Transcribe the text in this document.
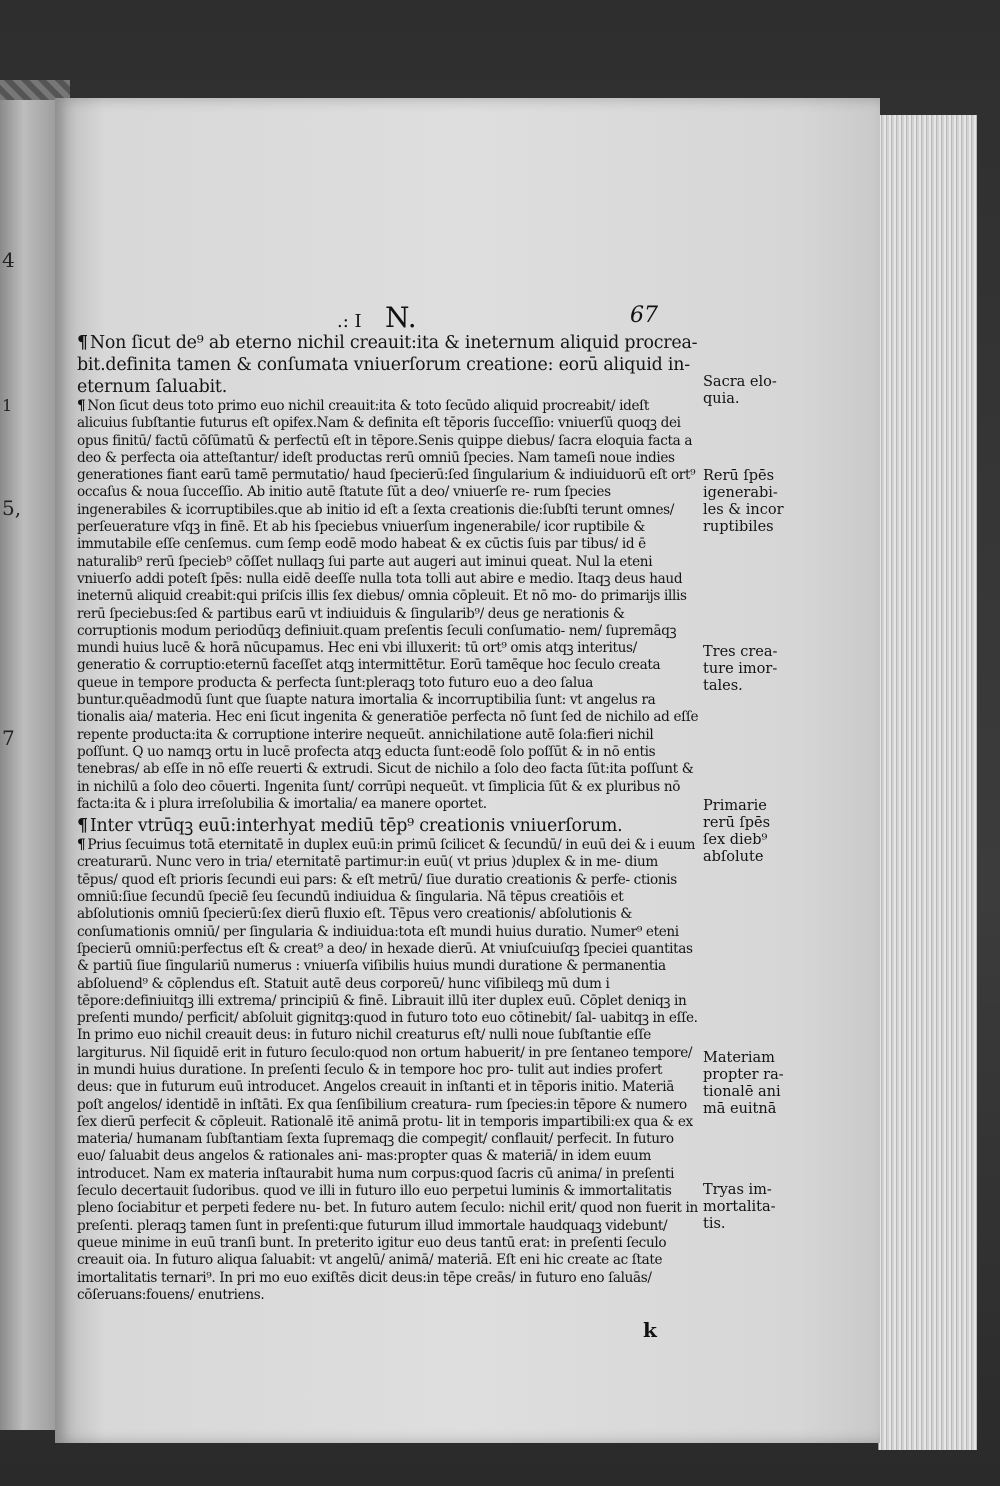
4
1
5,
7
.: I N.	67

¶ Non ſicut de⁹ ab eterno nichil creauit:ita & ineternum aliquid procrea- bit.definita tamen & conſumata vniuerſorum creatione: eorū aliquid in- eternum ſaluabit.

¶ Non ſicut deus toto primo euo nichil creauit:ita & toto ſecūdo aliquid procreabit/ ideſt alicuius ſubſtantie futurus eſt opifex.Nam & definita eſt tēporis ſucceſſio: vniuerſū quoqꝫ dei opus finitū/ factū cōſūmatū & perfectū eſt in tēpore.Senis quippe diebus/ ſacra eloquia facta a deo & perfecta oia atteſtantur/ ideſt productas rerū omniū ſpecies. Nam tameſi noue indies generationes fiant earū tamē permutatio/ haud ſpecierū:ſed ſingularium & indiuiduorū eſt ort⁹ occaſus & noua ſucceſſio. Ab initio autē ſtatute ſūt a deo/ vniuerſe re- rum ſpecies ingenerabiles & icorruptibiles.que ab initio id eſt a ſexta creationis die:ſubſti terunt omnes/ perſeuerature vſqꝫ in finē. Et ab his ſpeciebus vniuerſum ingenerabile/ icor ruptibile & immutabile eſſe cenſemus. cum ſemp eodē modo habeat & ex cūctis ſuis par tibus/ id ē naturalib⁹ rerū ſpecieb⁹ cōſſet nullaqꝫ ſui parte aut augeri aut iminui queat. Nul la eteni vniuerſo addi poteſt ſpēs: nulla eidē deeſſe nulla tota tolli aut abire e medio. Itaqꝫ deus haud ineternū aliquid creabit:qui priſcis illis ſex diebus/ omnia cōpleuit. Et nō mo- do primarijs illis rerū ſpeciebus:ſed & partibus earū vt indiuiduis & ſingularib⁹/ deus ge nerationis & corruptionis modum periodūqꝫ definiuit.quam preſentis ſeculi conſumatio- nem/ ſupremāqꝫ mundi huius lucē & horā nūcupamus. Hec eni vbi illuxerit: tū ort⁹ omis atqꝫ interitus/ generatio & corruptio:eternū faceſſet atqꝫ intermittētur. Eorū tamēque hoc ſeculo creata queue in tempore producta & perfecta ſunt:pleraqꝫ toto futuro euo a deo ſalua buntur.quēadmodū ſunt que ſuapte natura imortalia & incorruptibilia ſunt: vt angelus ra tionalis aia/ materia. Hec eni ſicut ingenita & generatiōe perfecta nō ſunt ſed de nichilo ad eſſe repente producta:ita & corruptione interire nequeūt. annichilatione autē ſola:fieri nichil poſſunt. Q uo namqꝫ ortu in lucē profecta atqꝫ educta ſunt:eodē ſolo poſſūt & in nō entis tenebras/ ab eſſe in nō eſſe reuerti & extrudi. Sicut de nichilo a ſolo deo facta ſūt:ita poſſunt & in nichilū a ſolo deo cōuerti. Ingenita ſunt/ corrūpi nequeūt. vt ſimplicia ſūt & ex pluribus nō facta:ita & i plura irreſolubilia & imortalia/ ea manere oportet.

¶ Inter vtrūqꝫ euū:interhyat mediū tēp⁹ creationis vniuerſorum.

¶ Prius ſecuimus totā eternitatē in duplex euū:in primū ſcilicet & ſecundū/ in euū dei & i euum creaturarū. Nunc vero in tria/ eternitatē partimur:in euū( vt prius )duplex & in me- dium tēpus/ quod eſt prioris ſecundi eui pars: & eſt metrū/ ſiue duratio creationis & perfe- ctionis omniū:ſiue ſecundū ſpeciē ſeu ſecundū indiuidua & ſingularia. Nā tēpus creatiōis et abſolutionis omniū ſpecierū:ſex dierū fluxio eſt. Tēpus vero creationis/ abſolutionis & conſumationis omniū/ per ſingularia & indiuidua:tota eſt mundi huius duratio. Numer⁹ eteni ſpecierū omniū:perfectus eſt & creat⁹ a deo/ in hexade dierū. At vniuſcuiuſqꝫ ſpeciei quantitas & partiū ſiue ſingulariū numerus : vniuerſa viſibilis huius mundi duratione & permanentia abſoluend⁹ & cōplendus eſt. Statuit autē deus corporeū/ hunc viſibileqꝫ mū dum i tēpore:definiuitqꝫ illi extrema/ principiū & finē. Librauit illū iter duplex euū. Cōplet deniqꝫ in preſenti mundo/ perficit/ abſoluit gignitqꝫ:quod in futuro toto euo cōtinebit/ ſal- uabitqꝫ in eſſe. In primo euo nichil creauit deus: in futuro nichil creaturus eſt/ nulli noue ſubſtantie eſſe largiturus. Nil ſiquidē erit in futuro ſeculo:quod non ortum habuerit/ in pre ſentaneo tempore/ in mundi huius duratione. In preſenti ſeculo & in tempore hoc pro- tulit aut indies profert deus: que in futurum euū introducet. Angelos creauit in inſtanti et in tēporis initio. Materiā poſt angelos/ identidē in inſtāti. Ex qua ſenſibilium creatura- rum ſpecies:in tēpore & numero ſex dierū perfecit & cōpleuit. Rationalē itē animā protu- lit in temporis impartibili:ex qua & ex materia/ humanam ſubſtantiam ſexta ſupremaqꝫ die compegit/ conflauit/ perfecit. In futuro euo/ ſaluabit deus angelos & rationales ani- mas:propter quas & materiā/ in idem euum introducet. Nam ex materia inſtaurabit huma num corpus:quod ſacris cū anima/ in preſenti ſeculo decertauit ſudoribus. quod ve illi in futuro illo euo perpetui luminis & immortalitatis pleno ſociabitur et perpeti federe nu- bet. In futuro autem ſeculo: nichil erit/ quod non fuerit in preſenti. pleraqꝫ tamen ſunt in preſenti:que futurum illud immortale haudquaqꝫ videbunt/ queue minime in euū tranſi bunt. In preterito igitur euo deus tantū erat: in preſenti ſeculo creauit oia. In futuro aliqua ſaluabit: vt angelū/ animā/ materiā. Eſt eni hic create ac ſtate imortalitatis ternari⁹. In pri mo euo exiſtēs dicit deus:in tēpe creās/ in futuro eno ſaluās/ cōſeruans:fouens/ enutriens.

k
Sacra elo- quia.
Rerū ſpēs igenerabi- les & incor ruptibiles
Tres crea- ture imor- tales.
Primarie rerū ſpēs ſex dieb⁹ abſolute
Materiam propter ra- tionalē ani mā euitnā
Tryas im- mortalita- tis.
